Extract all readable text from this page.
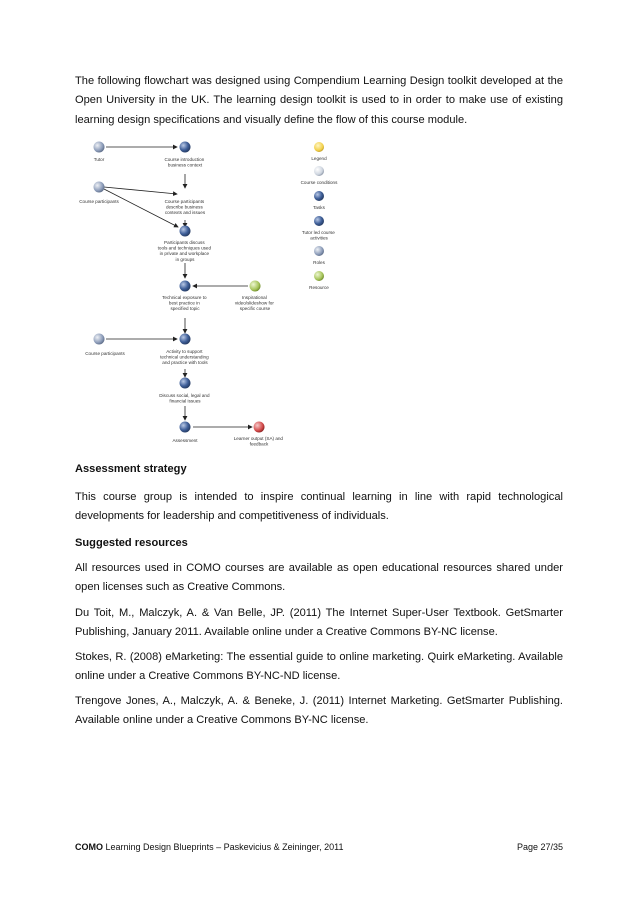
The following flowchart was designed using Compendium Learning Design toolkit developed at the Open University in the UK. The learning design toolkit is used to in order to make use of existing learning design specifications and visually define the flow of this course module.

Tutor	Course introduction business context
Course participants	Course participants describe business contexts and issues
Participants discuss tools and techniques used in private and workplace in groups
Technical exposure to best practice in specified topic
Inspirational video/slideshow for specific course
Course participants	Activity to support technical understanding and practice with tools
Discuss social, legal and financial issues
Assessment	Learner output (SA) and feedback
Legend
Course conditions
Tasks
Tutor led course activities
Roles
Resource

Assessment strategy

This course group is intended to inspire continual learning in line with rapid technological developments for leadership and competitiveness of individuals.

Suggested resources

All resources used in COMO courses are available as open educational resources shared under open licenses such as Creative Commons.

Du Toit, M., Malczyk, A. & Van Belle, JP. (2011) The Internet Super-User Textbook. GetSmarter Publishing, January 2011. Available online under a Creative Commons BY-NC license.

Stokes, R. (2008) eMarketing: The essential guide to online marketing. Quirk eMarketing. Available online under a Creative Commons BY-NC-ND license.

Trengove Jones, A., Malczyk, A. & Beneke, J. (2011) Internet Marketing. GetSmarter Publishing. Available online under a Creative Commons BY-NC license.

COMO Learning Design Blueprints – Paskevicius & Zeininger, 2011	Page 27/35
